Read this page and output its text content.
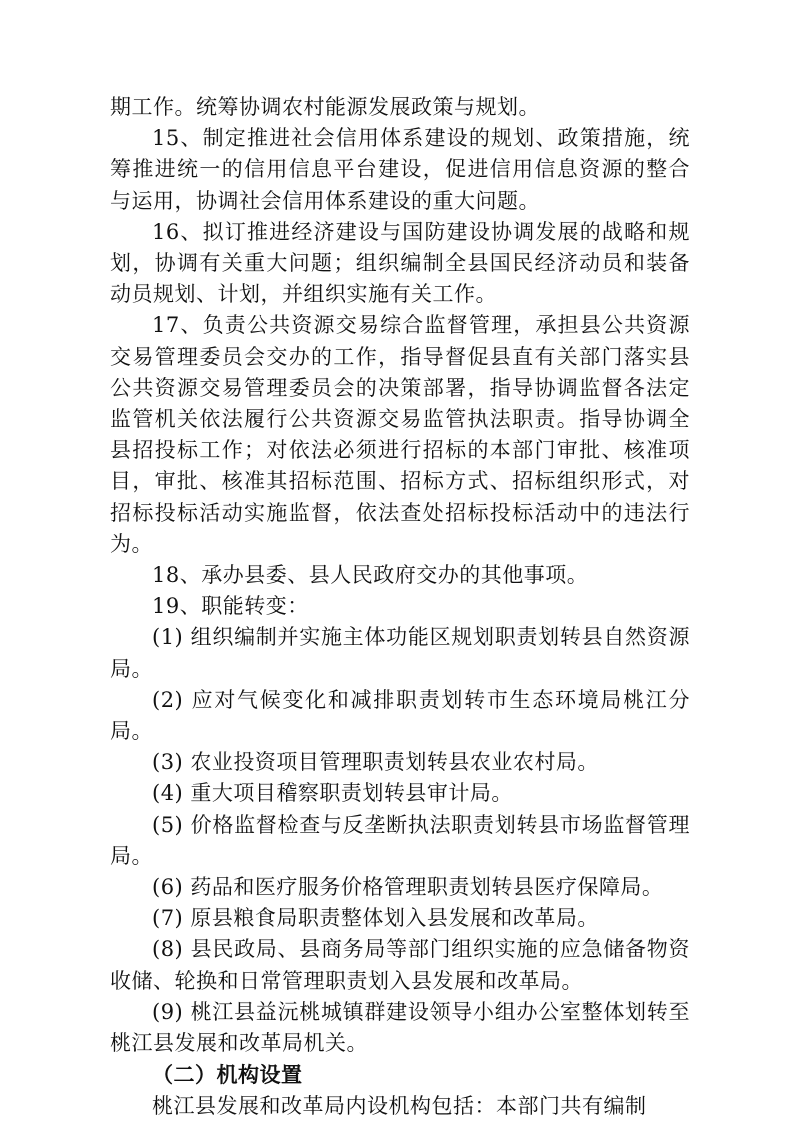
期工作。统筹协调农村能源发展政策与规划。

15、制定推进社会信用体系建设的规划、政策措施，统筹推进统一的信用信息平台建设，促进信用信息资源的整合与运用，协调社会信用体系建设的重大问题。

16、拟订推进经济建设与国防建设协调发展的战略和规划，协调有关重大问题；组织编制全县国民经济动员和装备动员规划、计划，并组织实施有关工作。

17、负责公共资源交易综合监督管理，承担县公共资源交易管理委员会交办的工作，指导督促县直有关部门落实县公共资源交易管理委员会的决策部署，指导协调监督各法定监管机关依法履行公共资源交易监管执法职责。指导协调全县招投标工作；对依法必须进行招标的本部门审批、核准项目，审批、核准其招标范围、招标方式、招标组织形式，对招标投标活动实施监督，依法查处招标投标活动中的违法行为。

18、承办县委、县人民政府交办的其他事项。

19、职能转变：

(1) 组织编制并实施主体功能区规划职责划转县自然资源局。

(2) 应对气候变化和减排职责划转市生态环境局桃江分局。

(3) 农业投资项目管理职责划转县农业农村局。

(4) 重大项目稽察职责划转县审计局。

(5) 价格监督检查与反垄断执法职责划转县市场监督管理局。

(6) 药品和医疗服务价格管理职责划转县医疗保障局。

(7) 原县粮食局职责整体划入县发展和改革局。

(8) 县民政局、县商务局等部门组织实施的应急储备物资收储、轮换和日常管理职责划入县发展和改革局。

(9) 桃江县益沅桃城镇群建设领导小组办公室整体划转至桃江县发展和改革局机关。

（二）机构设置

桃江县发展和改革局内设机构包括：本部门共有编制
